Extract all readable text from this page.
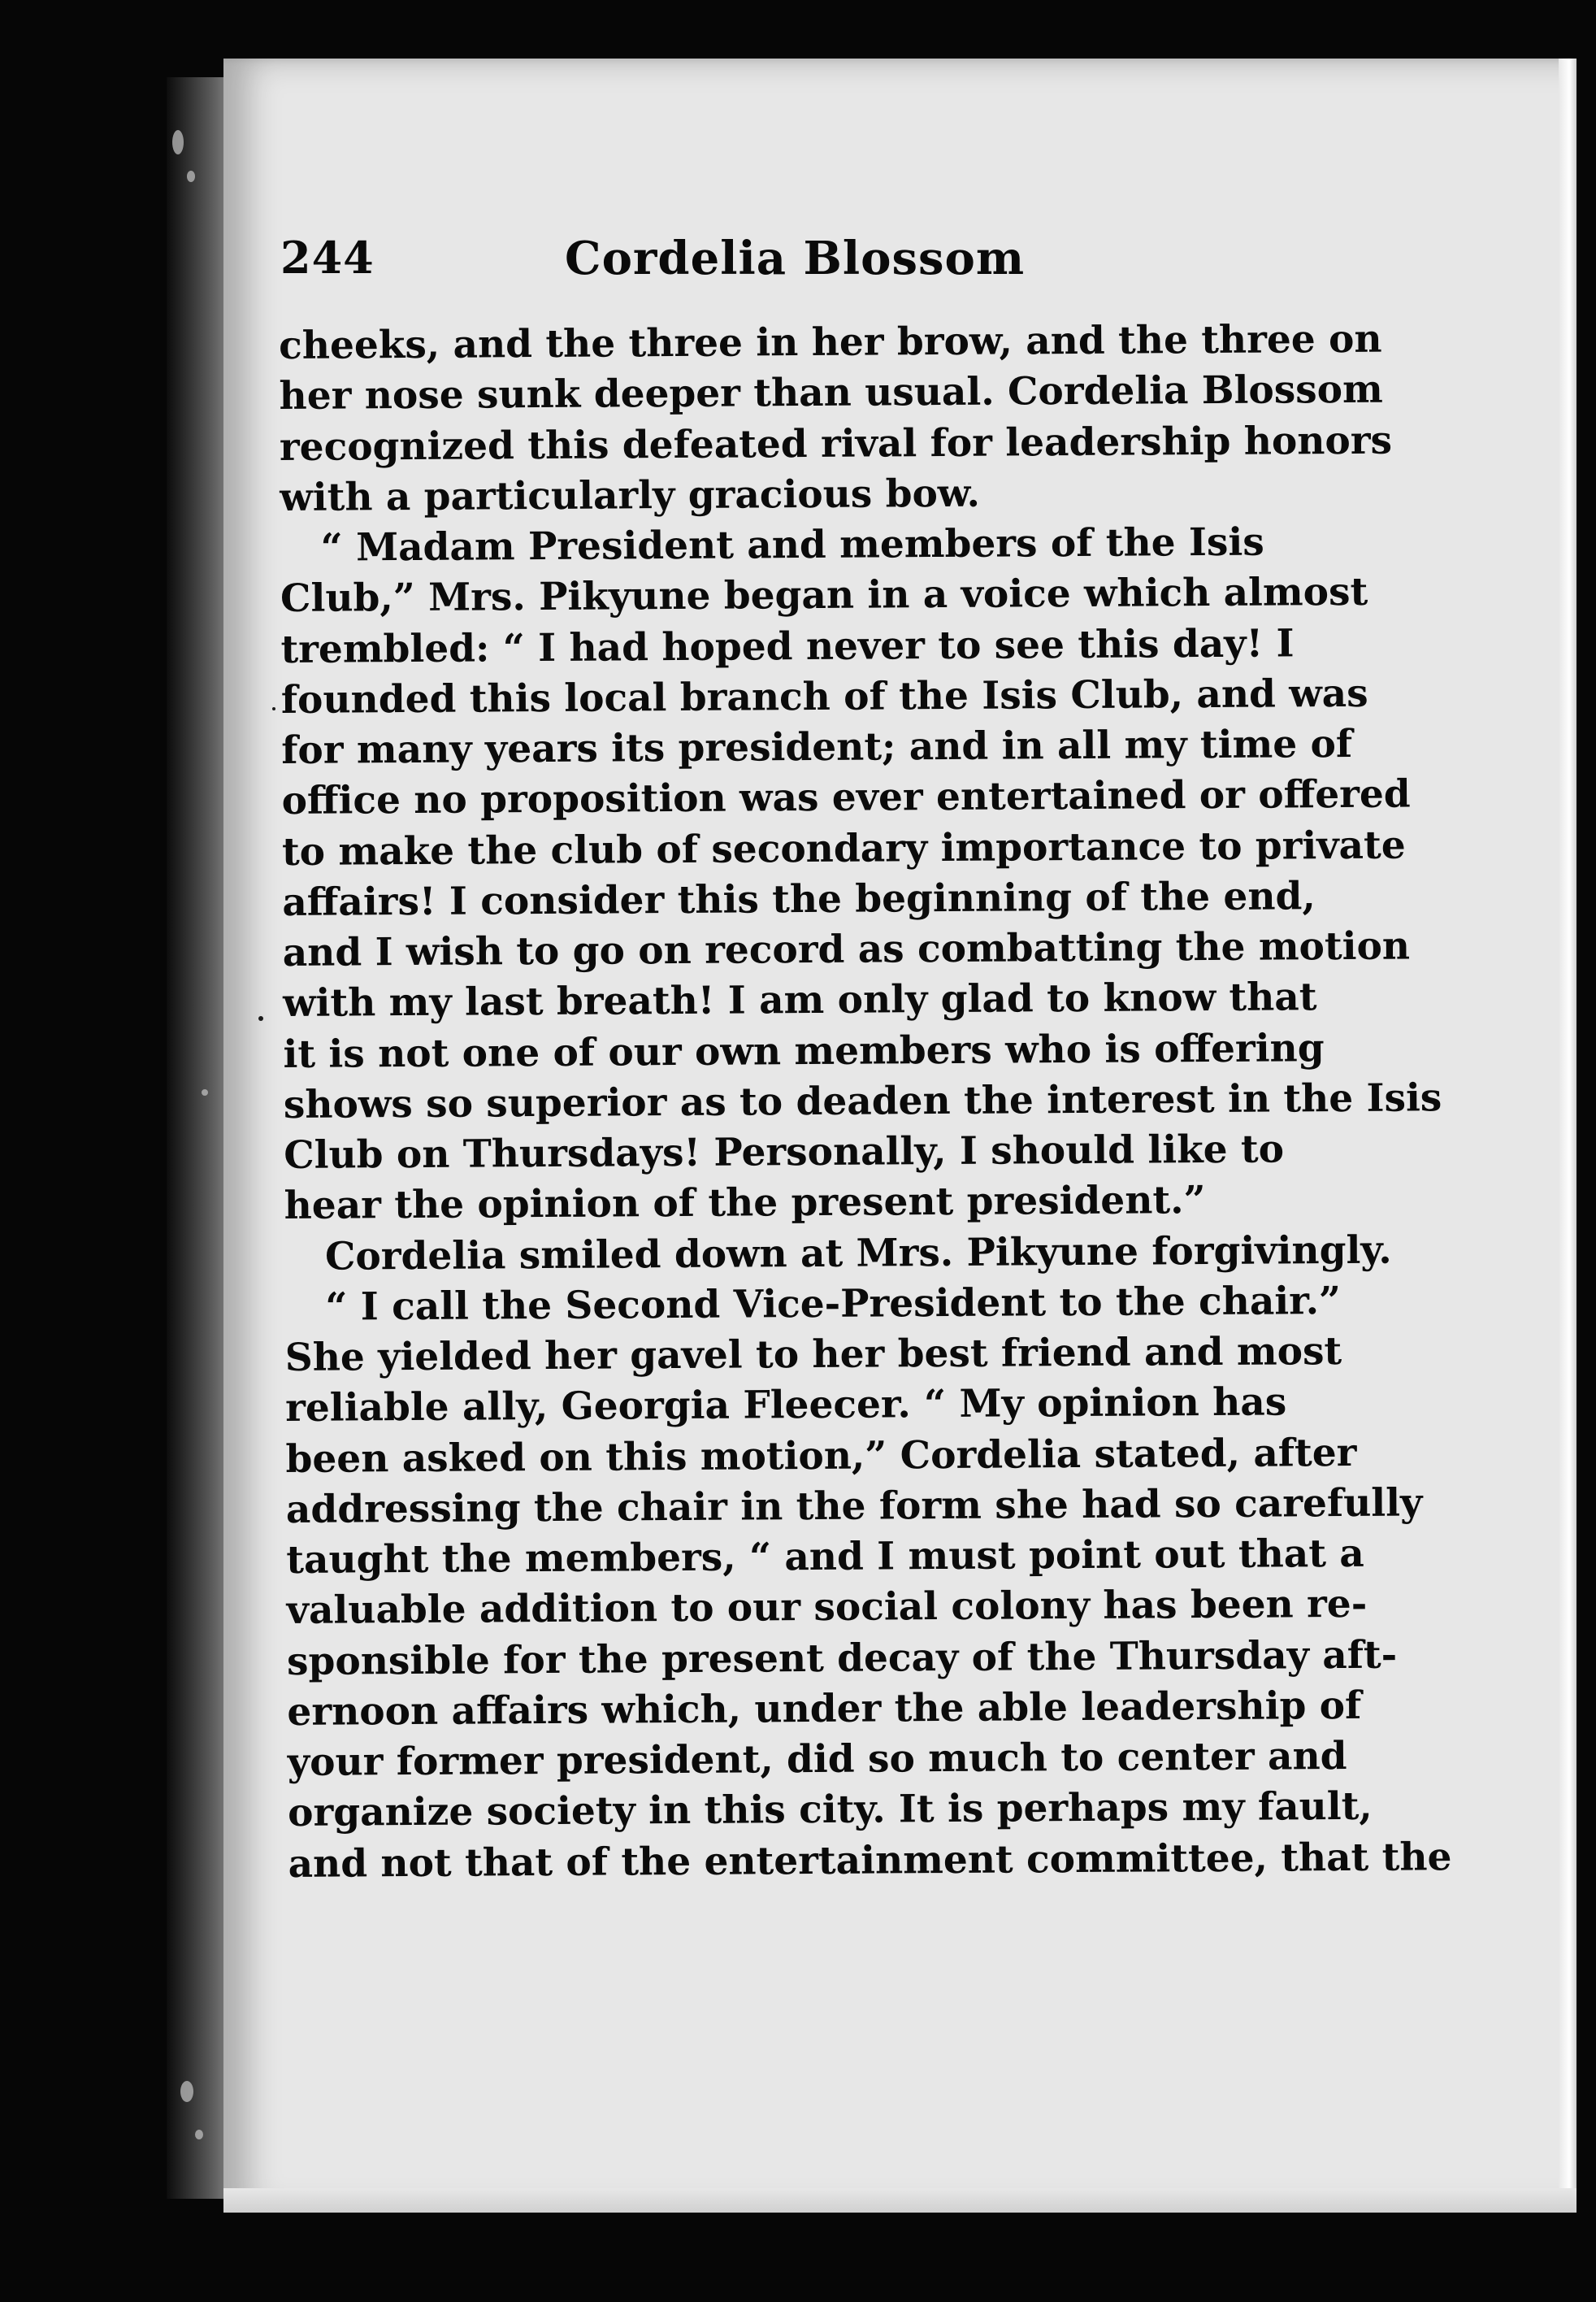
244	Cordelia Blossom
cheeks, and the three in her brow, and the three on
her nose sunk deeper than usual. Cordelia Blossom
recognized this defeated rival for leadership honors
with a particularly gracious bow.
“ Madam President and members of the Isis
Club,” Mrs. Pikyune began in a voice which almost
trembled: “ I had hoped never to see this day! I
founded this local branch of the Isis Club, and was
for many years its president; and in all my time of
office no proposition was ever entertained or offered
to make the club of secondary importance to private
affairs! I consider this the beginning of the end,
and I wish to go on record as combatting the motion
with my last breath! I am only glad to know that
it is not one of our own members who is offering
shows so superior as to deaden the interest in the Isis
Club on Thursdays! Personally, I should like to
hear the opinion of the present president.”
Cordelia smiled down at Mrs. Pikyune forgivingly.
“ I call the Second Vice-President to the chair.”
She yielded her gavel to her best friend and most
reliable ally, Georgia Fleecer. “ My opinion has
been asked on this motion,” Cordelia stated, after
addressing the chair in the form she had so carefully
taught the members, “ and I must point out that a
valuable addition to our social colony has been re-
sponsible for the present decay of the Thursday aft-
ernoon affairs which, under the able leadership of
your former president, did so much to center and
organize society in this city. It is perhaps my fault,
and not that of the entertainment committee, that the
